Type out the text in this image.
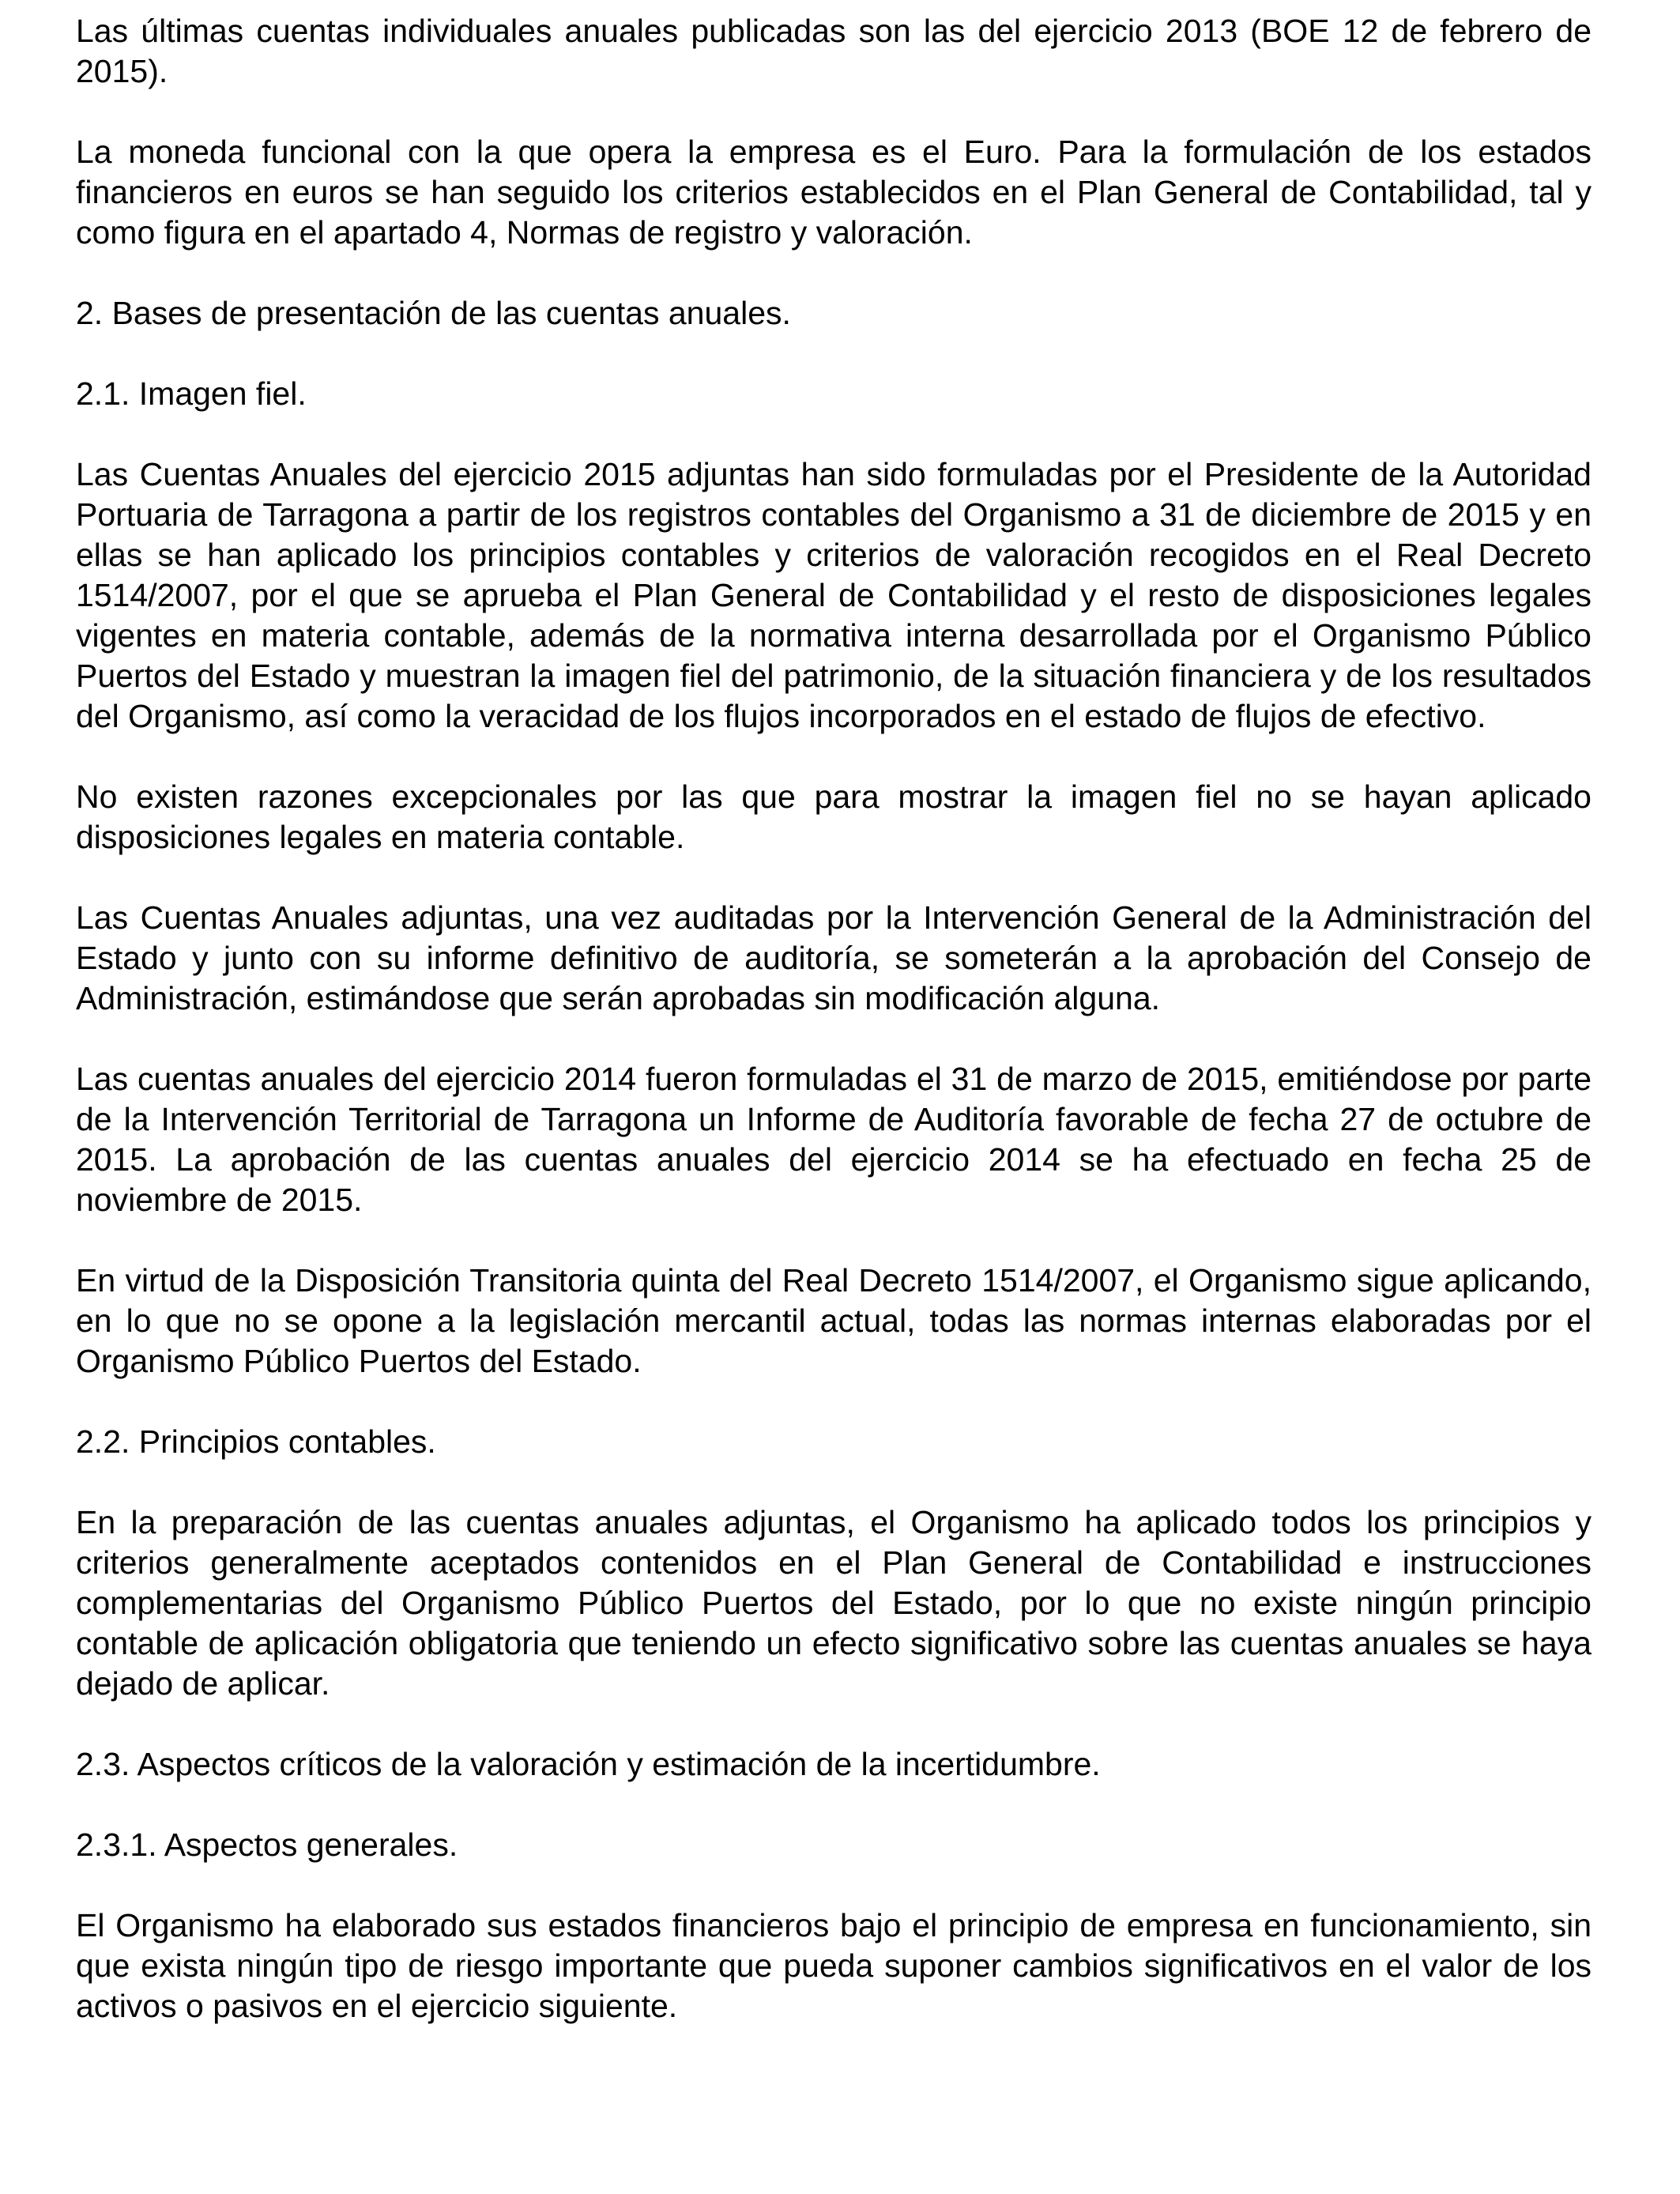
Las últimas cuentas individuales anuales publicadas son las del ejercicio 2013 (BOE 12 de febrero de 2015).

La moneda funcional con la que opera la empresa es el Euro. Para la formulación de los estados financieros en euros se han seguido los criterios establecidos en el Plan General de Contabilidad, tal y como figura en el apartado 4, Normas de registro y valoración.

2. Bases de presentación de las cuentas anuales.

2.1. Imagen fiel.

Las Cuentas Anuales del ejercicio 2015 adjuntas han sido formuladas por el Presidente de la Autoridad Portuaria de Tarragona a partir de los registros contables del Organismo a 31 de diciembre de 2015 y en ellas se han aplicado los principios contables y criterios de valoración recogidos en el Real Decreto 1514/2007, por el que se aprueba el Plan General de Contabilidad y el resto de disposiciones legales vigentes en materia contable, además de la normativa interna desarrollada por el Organismo Público Puertos del Estado y muestran la imagen fiel del patrimonio, de la situación financiera y de los resultados del Organismo, así como la veracidad de los flujos incorporados en el estado de flujos de efectivo.

No existen razones excepcionales por las que para mostrar la imagen fiel no se hayan aplicado disposiciones legales en materia contable.

Las Cuentas Anuales adjuntas, una vez auditadas por la Intervención General de la Administración del Estado y junto con su informe definitivo de auditoría, se someterán a la aprobación del Consejo de Administración, estimándose que serán aprobadas sin modificación alguna.

Las cuentas anuales del ejercicio 2014 fueron formuladas el 31 de marzo de 2015, emitiéndose por parte de la Intervención Territorial de Tarragona un Informe de Auditoría favorable de fecha 27 de octubre de 2015. La aprobación de las cuentas anuales del ejercicio 2014 se ha efectuado en fecha 25 de noviembre de 2015.

En virtud de la Disposición Transitoria quinta del Real Decreto 1514/2007, el Organismo sigue aplicando, en lo que no se opone a la legislación mercantil actual, todas las normas internas elaboradas por el Organismo Público Puertos del Estado.

2.2. Principios contables.

En la preparación de las cuentas anuales adjuntas, el Organismo ha aplicado todos los principios y criterios generalmente aceptados contenidos en el Plan General de Contabilidad e instrucciones complementarias del Organismo Público Puertos del Estado, por lo que no existe ningún principio contable de aplicación obligatoria que teniendo un efecto significativo sobre las cuentas anuales se haya dejado de aplicar.

2.3. Aspectos críticos de la valoración y estimación de la incertidumbre.

2.3.1. Aspectos generales.

El Organismo ha elaborado sus estados financieros bajo el principio de empresa en funcionamiento, sin que exista ningún tipo de riesgo importante que pueda suponer cambios significativos en el valor de los activos o pasivos en el ejercicio siguiente.
